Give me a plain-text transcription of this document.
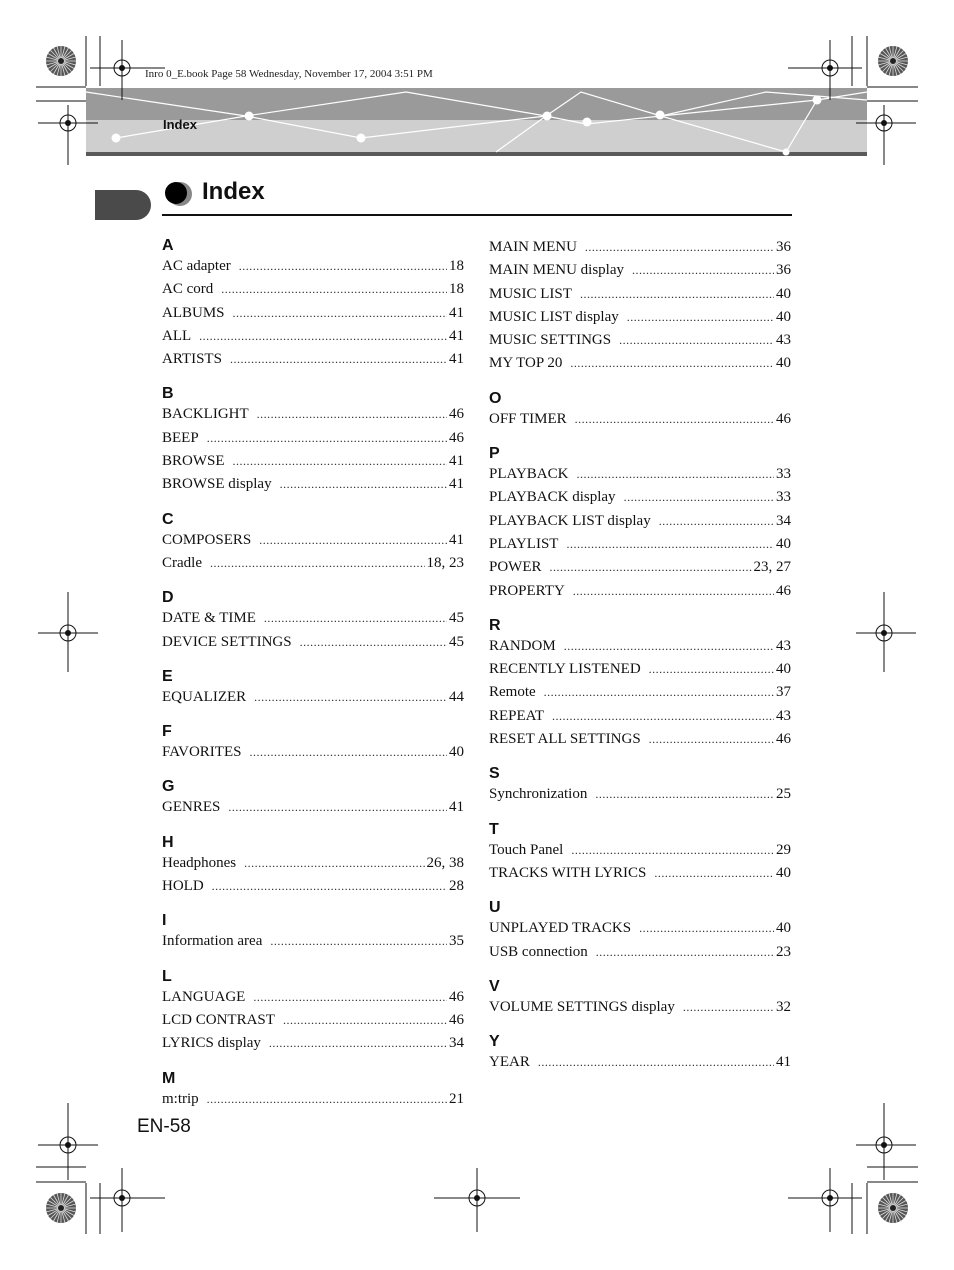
Inro 0_E.book Page 58 Wednesday, November 17, 2004 3:51 PM
Index
Index
A
AC adapter .....	18
AC cord .....	18
ALBUMS .....	41
ALL .....	41
ARTISTS .....	41
B
BACKLIGHT .....	46
BEEP .....	46
BROWSE .....	41
BROWSE display .....	41
C
COMPOSERS .....	41
Cradle .....	18, 23
D
DATE & TIME .....	45
DEVICE SETTINGS .....	45
E
EQUALIZER .....	44
F
FAVORITES .....	40
G
GENRES .....	41
H
Headphones .....	26, 38
HOLD .....	28
I
Information area .....	35
L
LANGUAGE .....	46
LCD CONTRAST .....	46
LYRICS display .....	34
M
m:trip .....	21
MAIN MENU .....	36
MAIN MENU display .....	36
MUSIC LIST .....	40
MUSIC LIST display .....	40
MUSIC SETTINGS .....	43
MY TOP 20 .....	40
O
OFF TIMER .....	46
P
PLAYBACK .....	33
PLAYBACK display .....	33
PLAYBACK LIST display .....	34
PLAYLIST .....	40
POWER .....	23, 27
PROPERTY .....	46
R
RANDOM .....	43
RECENTLY LISTENED .....	40
Remote .....	37
REPEAT .....	43
RESET ALL SETTINGS .....	46
S
Synchronization .....	25
T
Touch Panel .....	29
TRACKS WITH LYRICS .....	40
U
UNPLAYED TRACKS .....	40
USB connection .....	23
V
VOLUME SETTINGS display .....	32
Y
YEAR .....	41
EN-58
